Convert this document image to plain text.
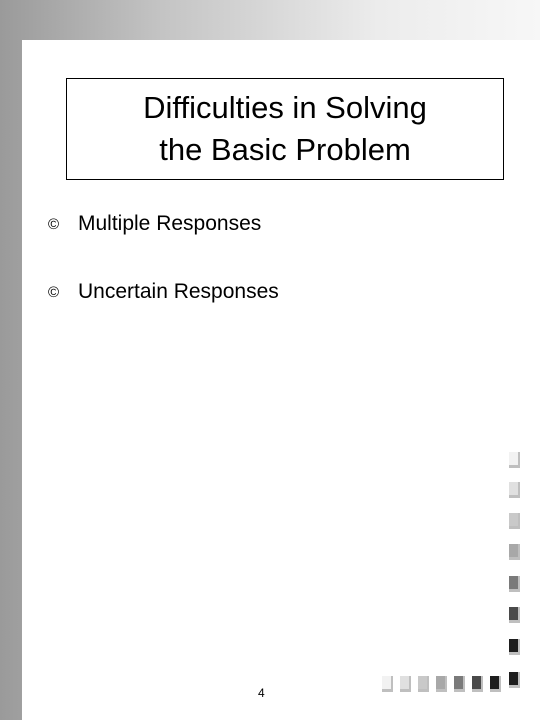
Difficulties in Solving
the Basic Problem
© Multiple Responses
© Uncertain Responses
4
